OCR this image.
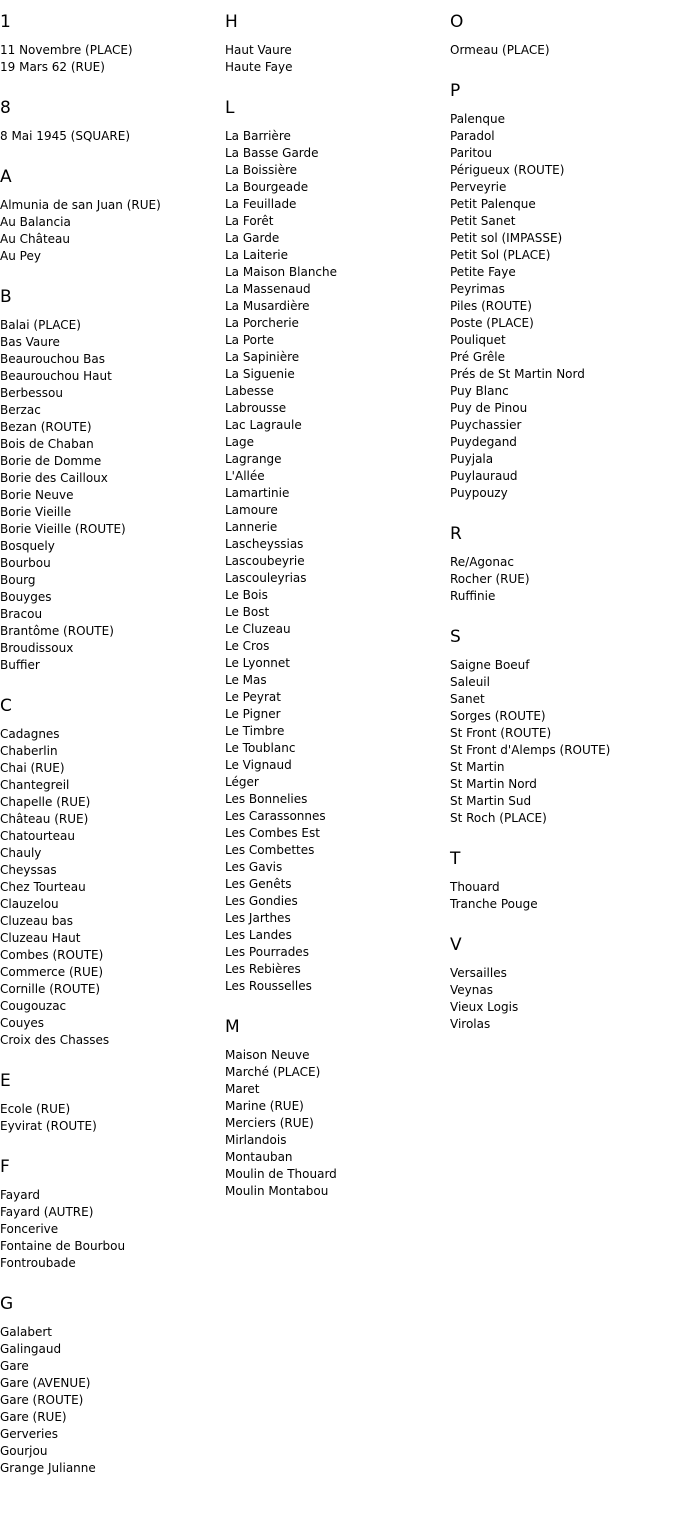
1
11 Novembre (PLACE)
19 Mars 62 (RUE)
8
8 Mai 1945 (SQUARE)
A
Almunia de san Juan (RUE)
Au Balancia
Au Château
Au Pey
B
Balai (PLACE)
Bas Vaure
Beaurouchou Bas
Beaurouchou Haut
Berbessou
Berzac
Bezan (ROUTE)
Bois de Chaban
Borie de Domme
Borie des Cailloux
Borie Neuve
Borie Vieille
Borie Vieille (ROUTE)
Bosquely
Bourbou
Bourg
Bouyges
Bracou
Brantôme (ROUTE)
Broudissoux
Buffier
C
Cadagnes
Chaberlin
Chai (RUE)
Chantegreil
Chapelle (RUE)
Château (RUE)
Chatourteau
Chauly
Cheyssas
Chez Tourteau
Clauzelou
Cluzeau bas
Cluzeau Haut
Combes (ROUTE)
Commerce (RUE)
Cornille (ROUTE)
Cougouzac
Couyes
Croix des Chasses
E
Ecole (RUE)
Eyvirat (ROUTE)
F
Fayard
Fayard (AUTRE)
Foncerive
Fontaine de Bourbou
Fontroubade
G
Galabert
Galingaud
Gare
Gare (AVENUE)
Gare (ROUTE)
Gare (RUE)
Gerveries
Gourjou
Grange Julianne
H
Haut Vaure
Haute Faye
L
La Barrière
La Basse Garde
La Boissière
La Bourgeade
La Feuillade
La Forêt
La Garde
La Laiterie
La Maison Blanche
La Massenaud
La Musardière
La Porcherie
La Porte
La Sapinière
La Siguenie
Labesse
Labrousse
Lac Lagraule
Lage
Lagrange
L'Allée
Lamartinie
Lamoure
Lannerie
Lascheyssias
Lascoubeyrie
Lascouleyrias
Le Bois
Le Bost
Le Cluzeau
Le Cros
Le Lyonnet
Le Mas
Le Peyrat
Le Pigner
Le Timbre
Le Toublanc
Le Vignaud
Léger
Les Bonnelies
Les Carassonnes
Les Combes Est
Les Combettes
Les Gavis
Les Genêts
Les Gondies
Les Jarthes
Les Landes
Les Pourrades
Les Rebières
Les Rousselles
M
Maison Neuve
Marché (PLACE)
Maret
Marine (RUE)
Merciers (RUE)
Mirlandois
Montauban
Moulin de Thouard
Moulin Montabou
O
Ormeau (PLACE)
P
Palenque
Paradol
Paritou
Périgueux (ROUTE)
Perveyrie
Petit Palenque
Petit Sanet
Petit sol (IMPASSE)
Petit Sol (PLACE)
Petite Faye
Peyrimas
Piles (ROUTE)
Poste (PLACE)
Pouliquet
Pré Grêle
Prés de St Martin Nord
Puy Blanc
Puy de Pinou
Puychassier
Puydegand
Puyjala
Puylauraud
Puypouzy
R
Re/Agonac
Rocher (RUE)
Ruffinie
S
Saigne Boeuf
Saleuil
Sanet
Sorges (ROUTE)
St Front (ROUTE)
St Front d'Alemps (ROUTE)
St Martin
St Martin Nord
St Martin Sud
St Roch (PLACE)
T
Thouard
Tranche Pouge
V
Versailles
Veynas
Vieux Logis
Virolas
